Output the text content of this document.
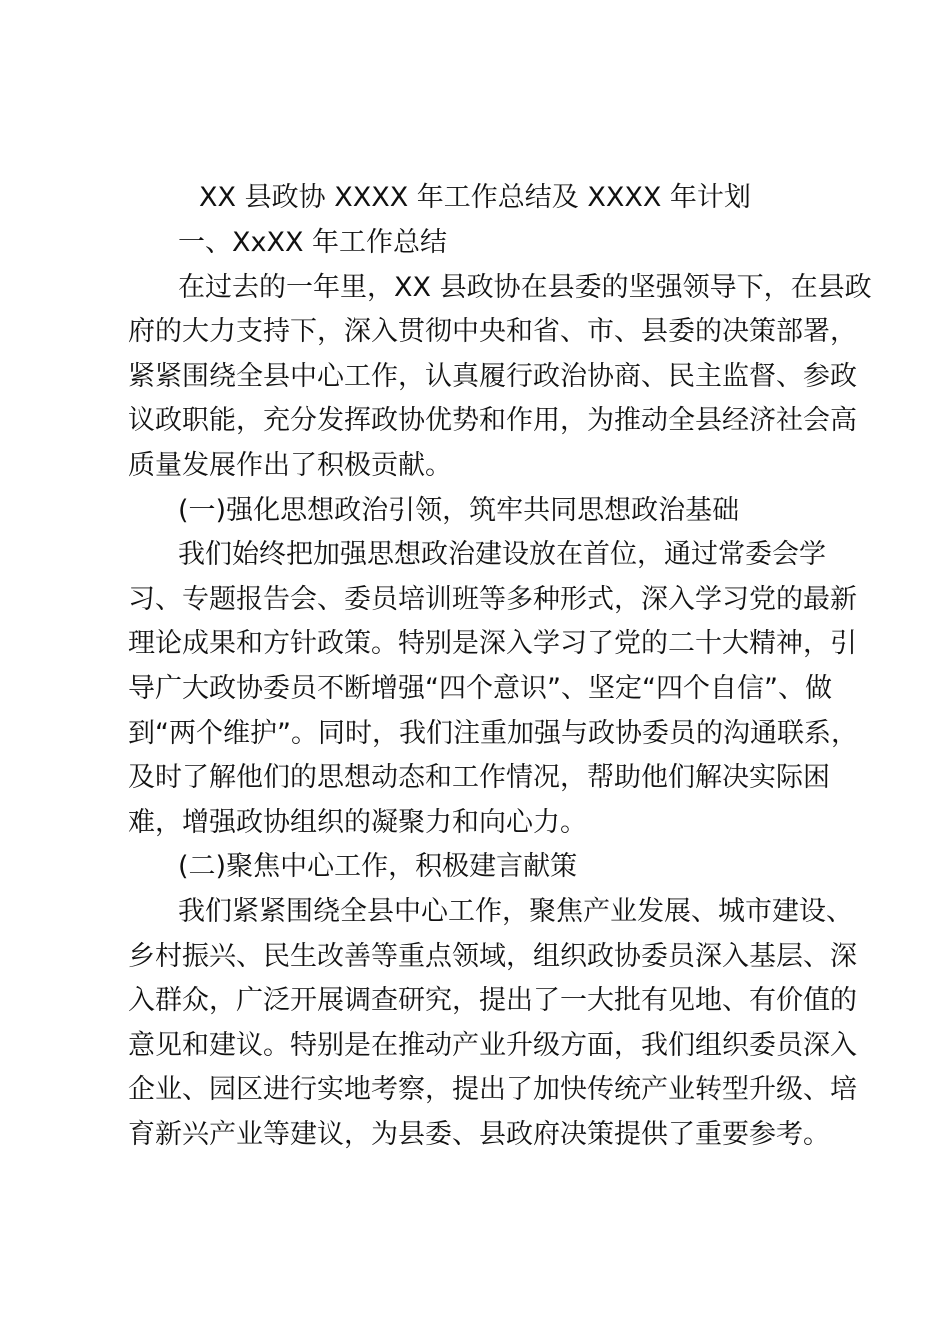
XX 县政协 XXXX 年工作总结及 XXXX 年计划
一、XxXX 年工作总结
在过去的一年里，XX 县政协在县委的坚强领导下，在县政
府的大力支持下，深入贯彻中央和省、市、县委的决策部署，
紧紧围绕全县中心工作，认真履行政治协商、民主监督、参政
议政职能，充分发挥政协优势和作用，为推动全县经济社会高
质量发展作出了积极贡献。
(一)强化思想政治引领，筑牢共同思想政治基础
我们始终把加强思想政治建设放在首位，通过常委会学
习、专题报告会、委员培训班等多种形式，深入学习党的最新
理论成果和方针政策。特别是深入学习了党的二十大精神，引
导广大政协委员不断增强“四个意识”、坚定“四个自信”、做
到“两个维护”。同时，我们注重加强与政协委员的沟通联系，
及时了解他们的思想动态和工作情况，帮助他们解决实际困
难，增强政协组织的凝聚力和向心力。
(二)聚焦中心工作，积极建言献策
我们紧紧围绕全县中心工作，聚焦产业发展、城市建设、
乡村振兴、民生改善等重点领域，组织政协委员深入基层、深
入群众，广泛开展调查研究，提出了一大批有见地、有价值的
意见和建议。特别是在推动产业升级方面，我们组织委员深入
企业、园区进行实地考察，提出了加快传统产业转型升级、培
育新兴产业等建议，为县委、县政府决策提供了重要参考。
